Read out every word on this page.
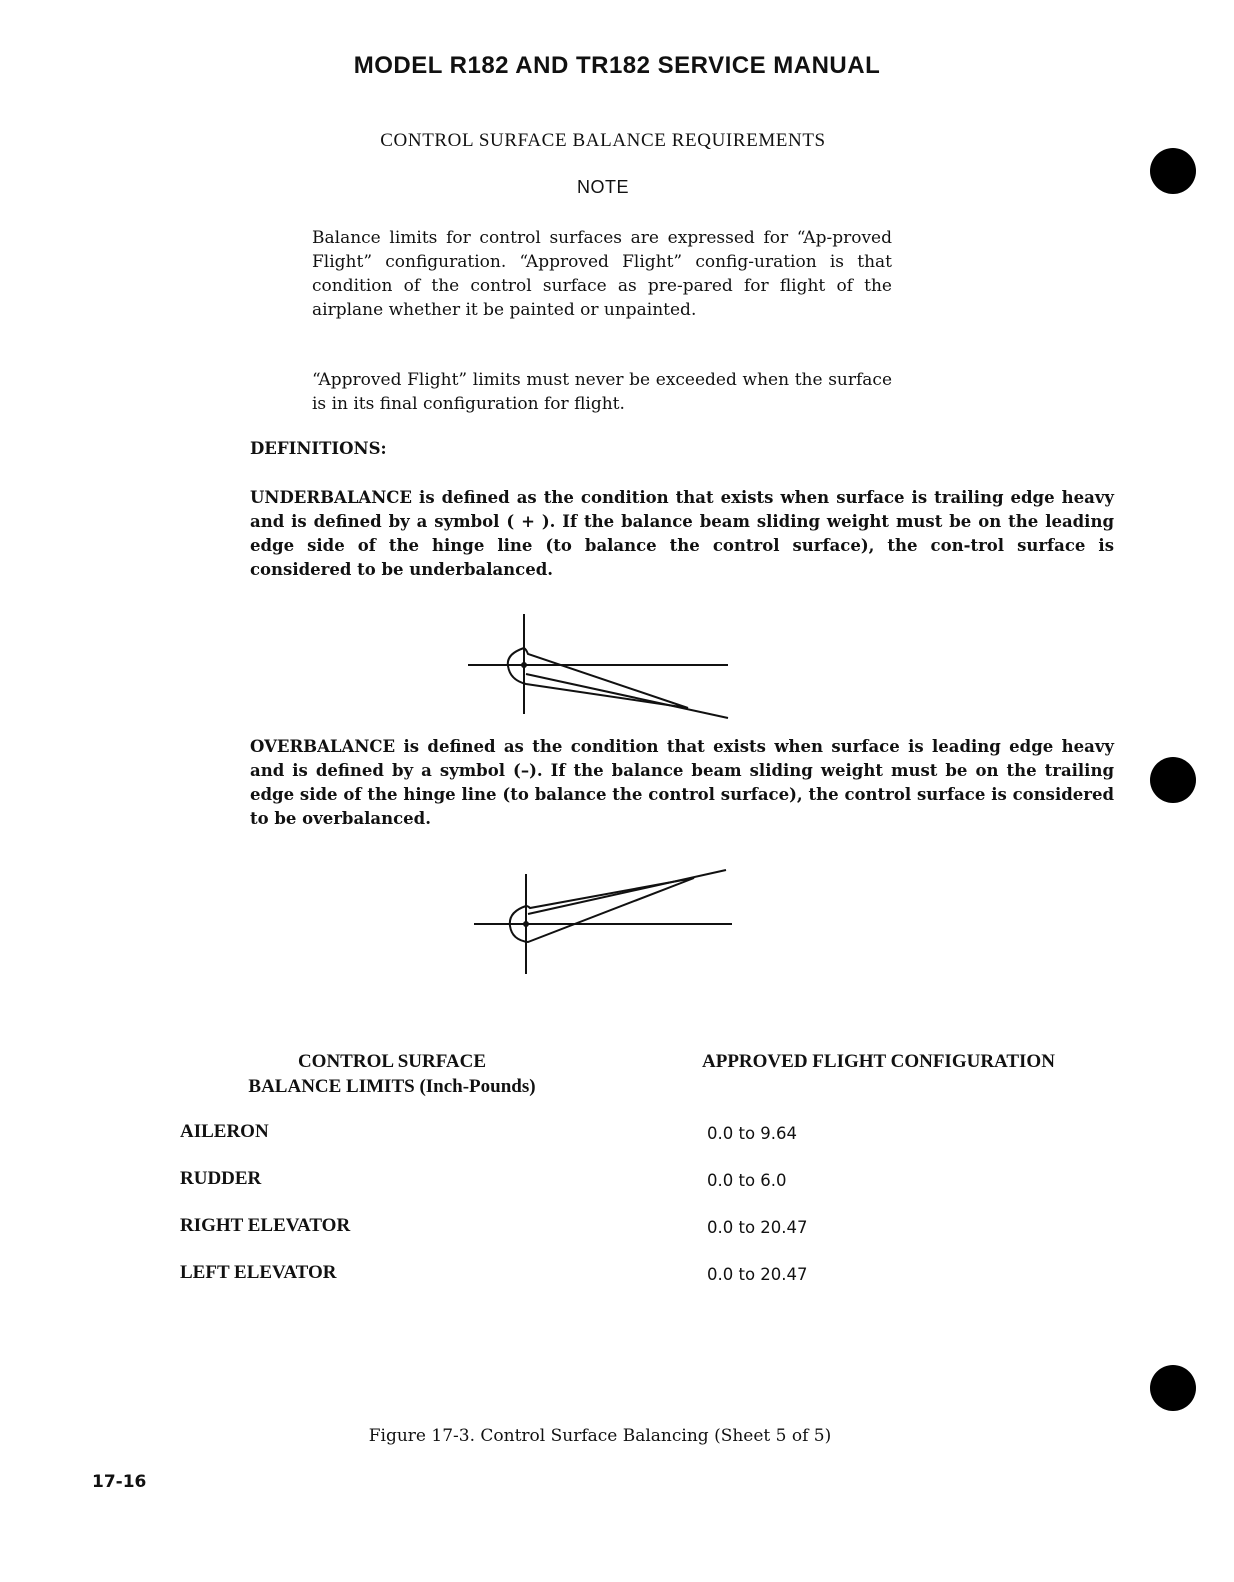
MODEL R182 AND TR182 SERVICE MANUAL
CONTROL SURFACE BALANCE REQUIREMENTS
NOTE
Balance limits for control surfaces are expressed for “Ap-proved Flight” configuration. “Approved Flight” config-uration is that condition of the control surface as pre-pared for flight of the airplane whether it be painted or unpainted.
“Approved Flight” limits must never be exceeded when the surface is in its final configuration for flight.
DEFINITIONS:
UNDERBALANCE is defined as the condition that exists when surface is trailing edge heavy and is defined by a symbol ( + ). If the balance beam sliding weight must be on the leading edge side of the hinge line (to balance the control surface), the con-trol surface is considered to be underbalanced.
OVERBALANCE is defined as the condition that exists when surface is leading edge heavy and is defined by a symbol (–). If the balance beam sliding weight must be on the trailing edge side of the hinge line (to balance the control surface), the control surface is considered to be overbalanced.
CONTROL SURFACE
BALANCE LIMITS (Inch-Pounds)
APPROVED FLIGHT CONFIGURATION
AILERON	0.0 to 9.64
RUDDER	0.0 to 6.0
RIGHT ELEVATOR	0.0 to 20.47
LEFT ELEVATOR	0.0 to 20.47
Figure 17-3. Control Surface Balancing (Sheet 5 of 5)
17-16
